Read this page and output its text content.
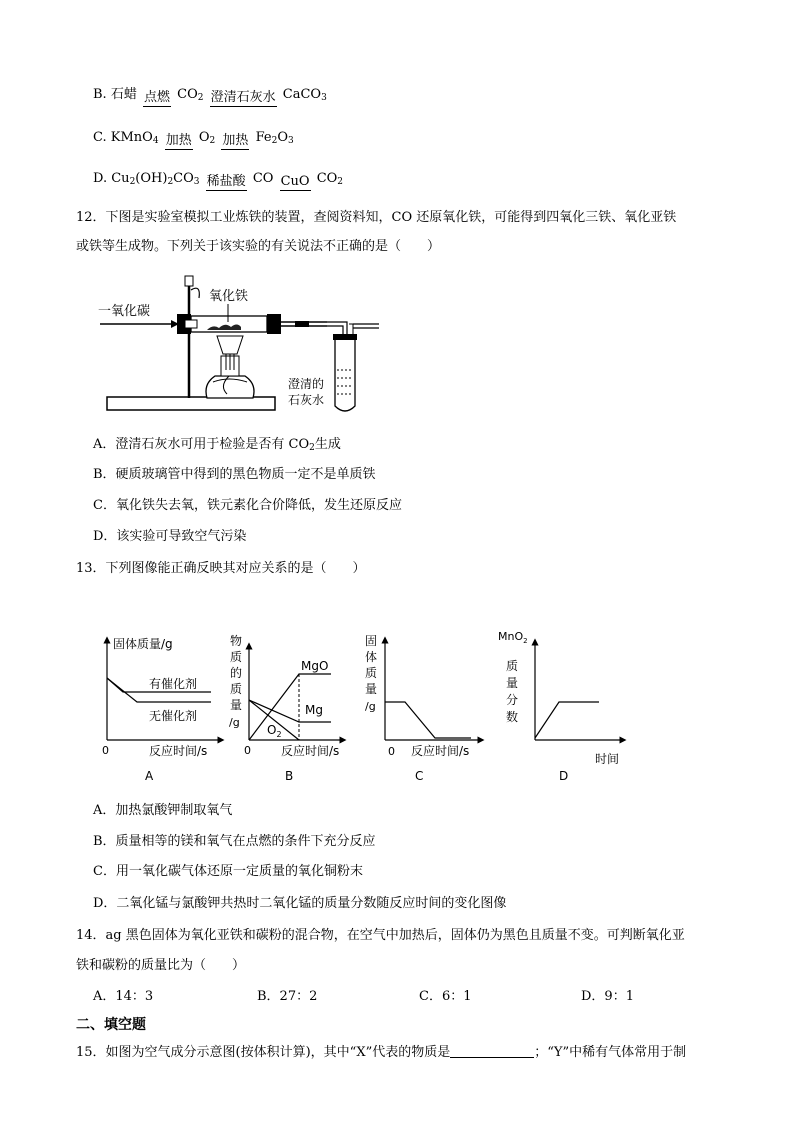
B. 石蜡 点燃 $CO_2$ 澄清石灰水 CaCO$_3$
C. KMnO$_4$ 加热 $O_2$ 加热 $Fe_2O_3$
D. $Cu_2(OH)_2CO_3$ 稀盐酸 CO CuO $CO_2$
12．下图是实验室模拟工业炼铁的装置，查阅资料知，CO 还原氧化铁，可能得到四氧化三铁、氧化亚铁
或铁等生成物。下列关于该实验的有关说法不正确的是（　　）
一氧化碳
氧化铁
澄清的
石灰水
A．澄清石灰水可用于检验是否有 $CO_2$生成
B．硬质玻璃管中得到的黑色物质一定不是单质铁
C．氧化铁失去氧，铁元素化合价降低，发生还原反应
D．该实验可导致空气污染
13．下列图像能正确反映其对应关系的是（　　）
固体质量/g
0	反应时间/s
有催化剂
无催化剂
A
物
质
的
质
量
/g
0	反应时间/s
MgO
Mg
$O_2$
B
固
体
质
量
/g
0 反应时间/s
C
MnO$_2$
质
量
分
数
时间
D
A．加热氯酸钾制取氧气
B．质量相等的镁和氧气在点燃的条件下充分反应
C．用一氧化碳气体还原一定质量的氧化铜粉末
D．二氧化锰与氯酸钾共热时二氧化锰的质量分数随反应时间的变化图像
14．ag 黑色固体为氧化亚铁和碳粉的混合物，在空气中加热后，固体仍为黑色且质量不变。可判断氧化亚
铁和碳粉的质量比为（　　）
A．14：3	B．27：2	C．6：1	D．9：1
二、填空题
15．如图为空气成分示意图(按体积计算)，其中“X”代表的物质是	；“Y”中稀有气体常用于制
